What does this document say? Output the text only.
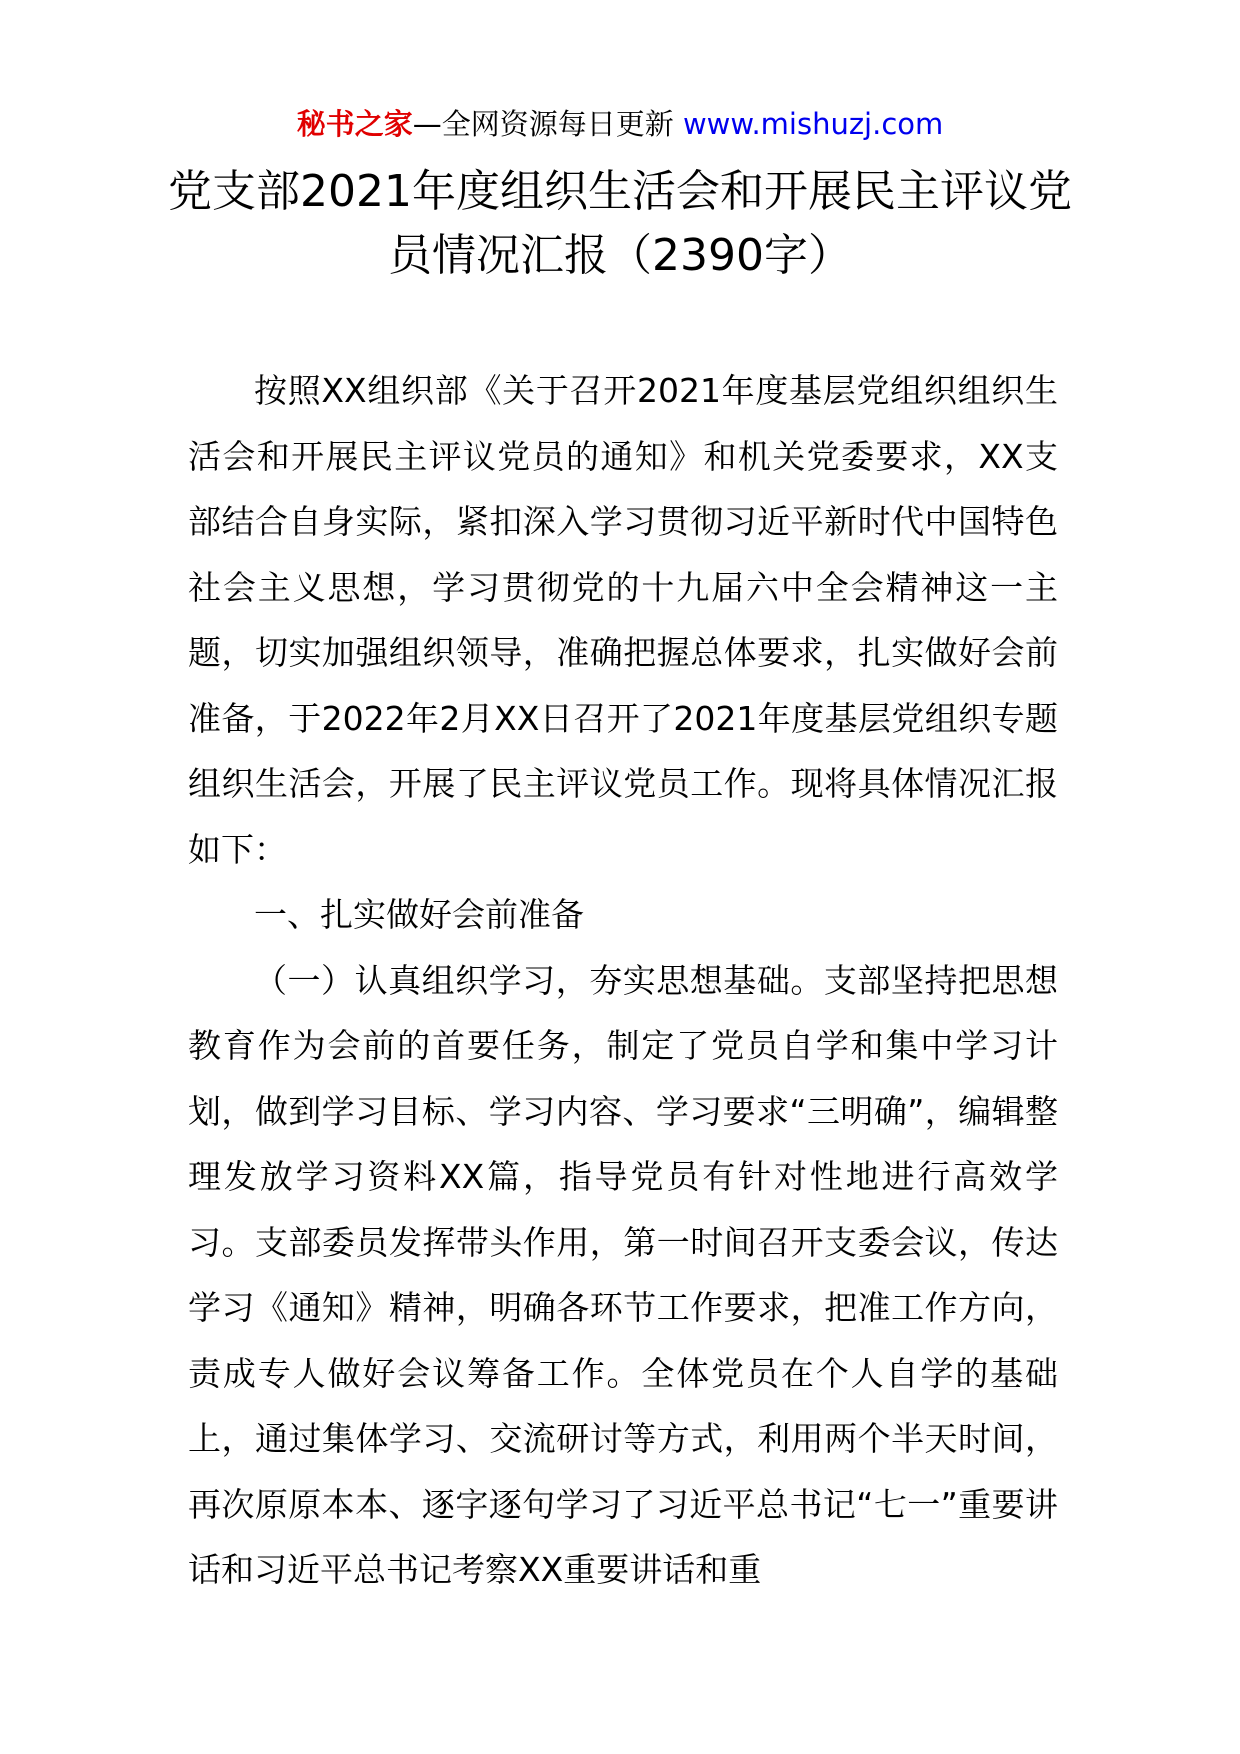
秘书之家—全网资源每日更新 www.mishuzj.com
党支部2021年度组织生活会和开展民主评议党员情况汇报（2390字）

按照XX组织部《关于召开2021年度基层党组织组织生活会和开展民主评议党员的通知》和机关党委要求，XX支部结合自身实际，紧扣深入学习贯彻习近平新时代中国特色社会主义思想，学习贯彻党的十九届六中全会精神这一主题，切实加强组织领导，准确把握总体要求，扎实做好会前准备，于2022年2月XX日召开了2021年度基层党组织专题组织生活会，开展了民主评议党员工作。现将具体情况汇报如下：

一、扎实做好会前准备

（一）认真组织学习，夯实思想基础。支部坚持把思想教育作为会前的首要任务，制定了党员自学和集中学习计划，做到学习目标、学习内容、学习要求“三明确”，编辑整理发放学习资料XX篇，指导党员有针对性地进行高效学习。支部委员发挥带头作用，第一时间召开支委会议，传达学习《通知》精神，明确各环节工作要求，把准工作方向，责成专人做好会议筹备工作。全体党员在个人自学的基础上，通过集体学习、交流研讨等方式，利用两个半天时间，再次原原本本、逐字逐句学习了习近平总书记“七一”重要讲话和习近平总书记考察XX重要讲话和重
